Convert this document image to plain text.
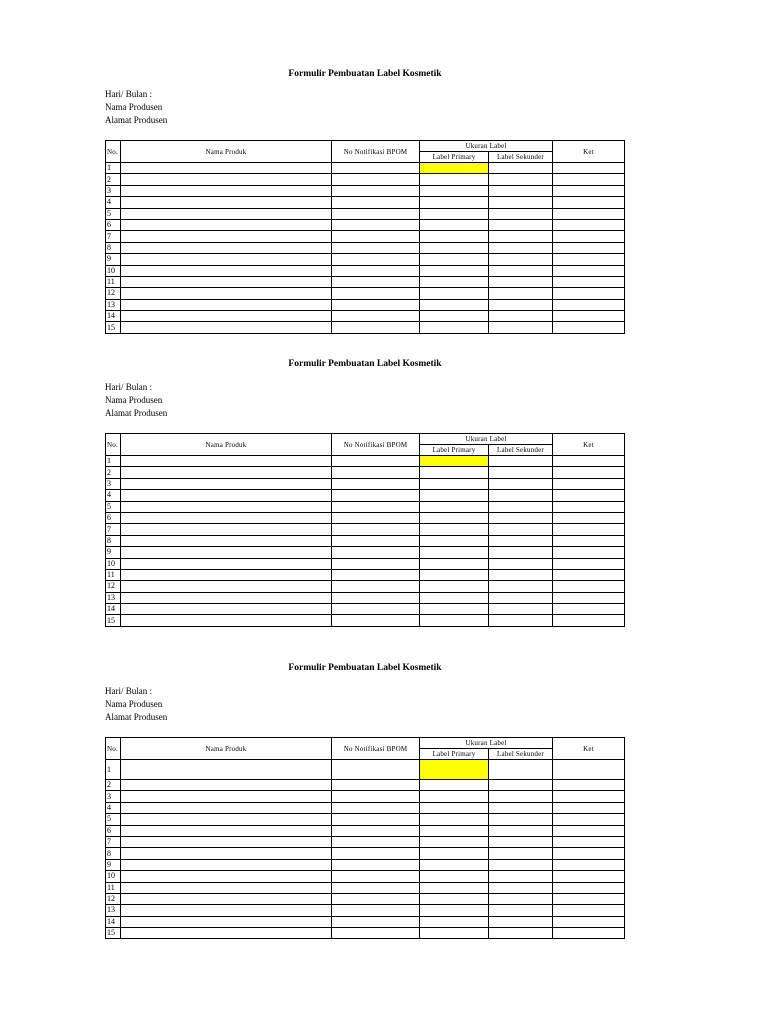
Formulir Pembuatan Label Kosmetik
Hari/ Bulan :
Nama Produsen
Alamat Produsen
No.	Nama Produk	No Notifikasi BPOM	Ukuran Label		Ket
			Label Primary	Label Sekunder	
1					
2					
3					
4					
5					
6					
7					
8					
9					
10					
11					
12					
13					
14					
15					
Formulir Pembuatan Label Kosmetik
Hari/ Bulan :
Nama Produsen
Alamat Produsen
No.	Nama Produk	No Notifikasi BPOM	Ukuran Label		Ket
			Label Primary	Label Sekunder	
1					
2					
3					
4					
5					
6					
7					
8					
9					
10					
11					
12					
13					
14					
15					
Formulir Pembuatan Label Kosmetik
Hari/ Bulan :
Nama Produsen
Alamat Produsen
No.	Nama Produk	No Notifikasi BPOM	Ukuran Label		Ket
			Label Primary	Label Sekunder	
1					
2					
3					
4					
5					
6					
7					
8					
9					
10					
11					
12					
13					
14					
15					
